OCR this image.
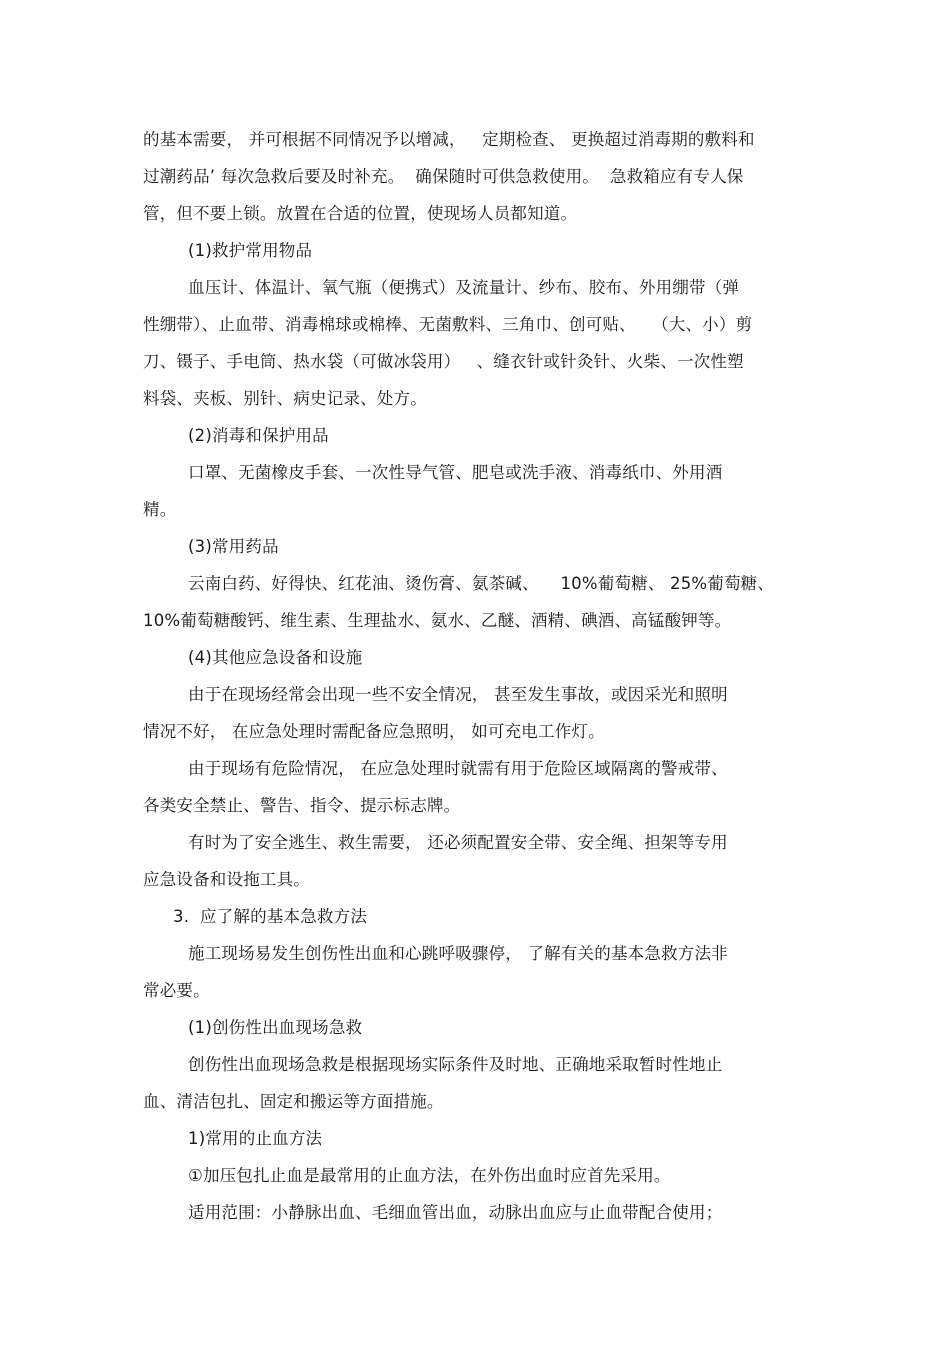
的基本需要， 并可根据不同情况予以增减，   定期检查、 更换超过消毒期的敷料和
过潮药品’ 每次急救后要及时补充。  确保随时可供急救使用。  急救箱应有专人保
管，但不要上锁。放置在合适的位置，使现场人员都知道。
(1)救护常用物品
血压计、体温计、氧气瓶（便携式）及流量计、纱布、胶布、外用绷带（弹
性绷带）、止血带、消毒棉球或棉棒、无菌敷料、三角巾、创可贴、   （大、小）剪
刀、镊子、手电筒、热水袋（可做冰袋用）   、缝衣针或针灸针、火柴、一次性塑
料袋、夹板、别针、病史记录、处方。
(2)消毒和保护用品
口罩、无菌橡皮手套、一次性导气管、肥皂或洗手液、消毒纸巾、外用酒
精。
(3)常用药品
云南白药、好得快、红花油、烫伤膏、氨茶碱、    10%葡萄糖、 25%葡萄糖、
10%葡萄糖酸钙、维生素、生理盐水、氨水、乙醚、酒精、碘酒、高锰酸钾等。
(4)其他应急设备和设施
由于在现场经常会出现一些不安全情况， 甚至发生事故，或因采光和照明
情况不好， 在应急处理时需配备应急照明， 如可充电工作灯。
由于现场有危险情况， 在应急处理时就需有用于危险区域隔离的警戒带、
各类安全禁止、警告、指令、提示标志牌。
有时为了安全逃生、救生需要， 还必须配置安全带、安全绳、担架等专用
应急设备和设拖工具。
3.  应了解的基本急救方法
施工现场易发生创伤性出血和心跳呼吸骤停， 了解有关的基本急救方法非
常必要。
(1)创伤性出血现场急救
创伤性出血现场急救是根据现场实际条件及时地、正确地采取暂时性地止
血、清洁包扎、固定和搬运等方面措施。
1)常用的止血方法
①加压包扎止血是最常用的止血方法，在外伤出血时应首先采用。
适用范围：小静脉出血、毛细血管出血，动脉出血应与止血带配合使用；
